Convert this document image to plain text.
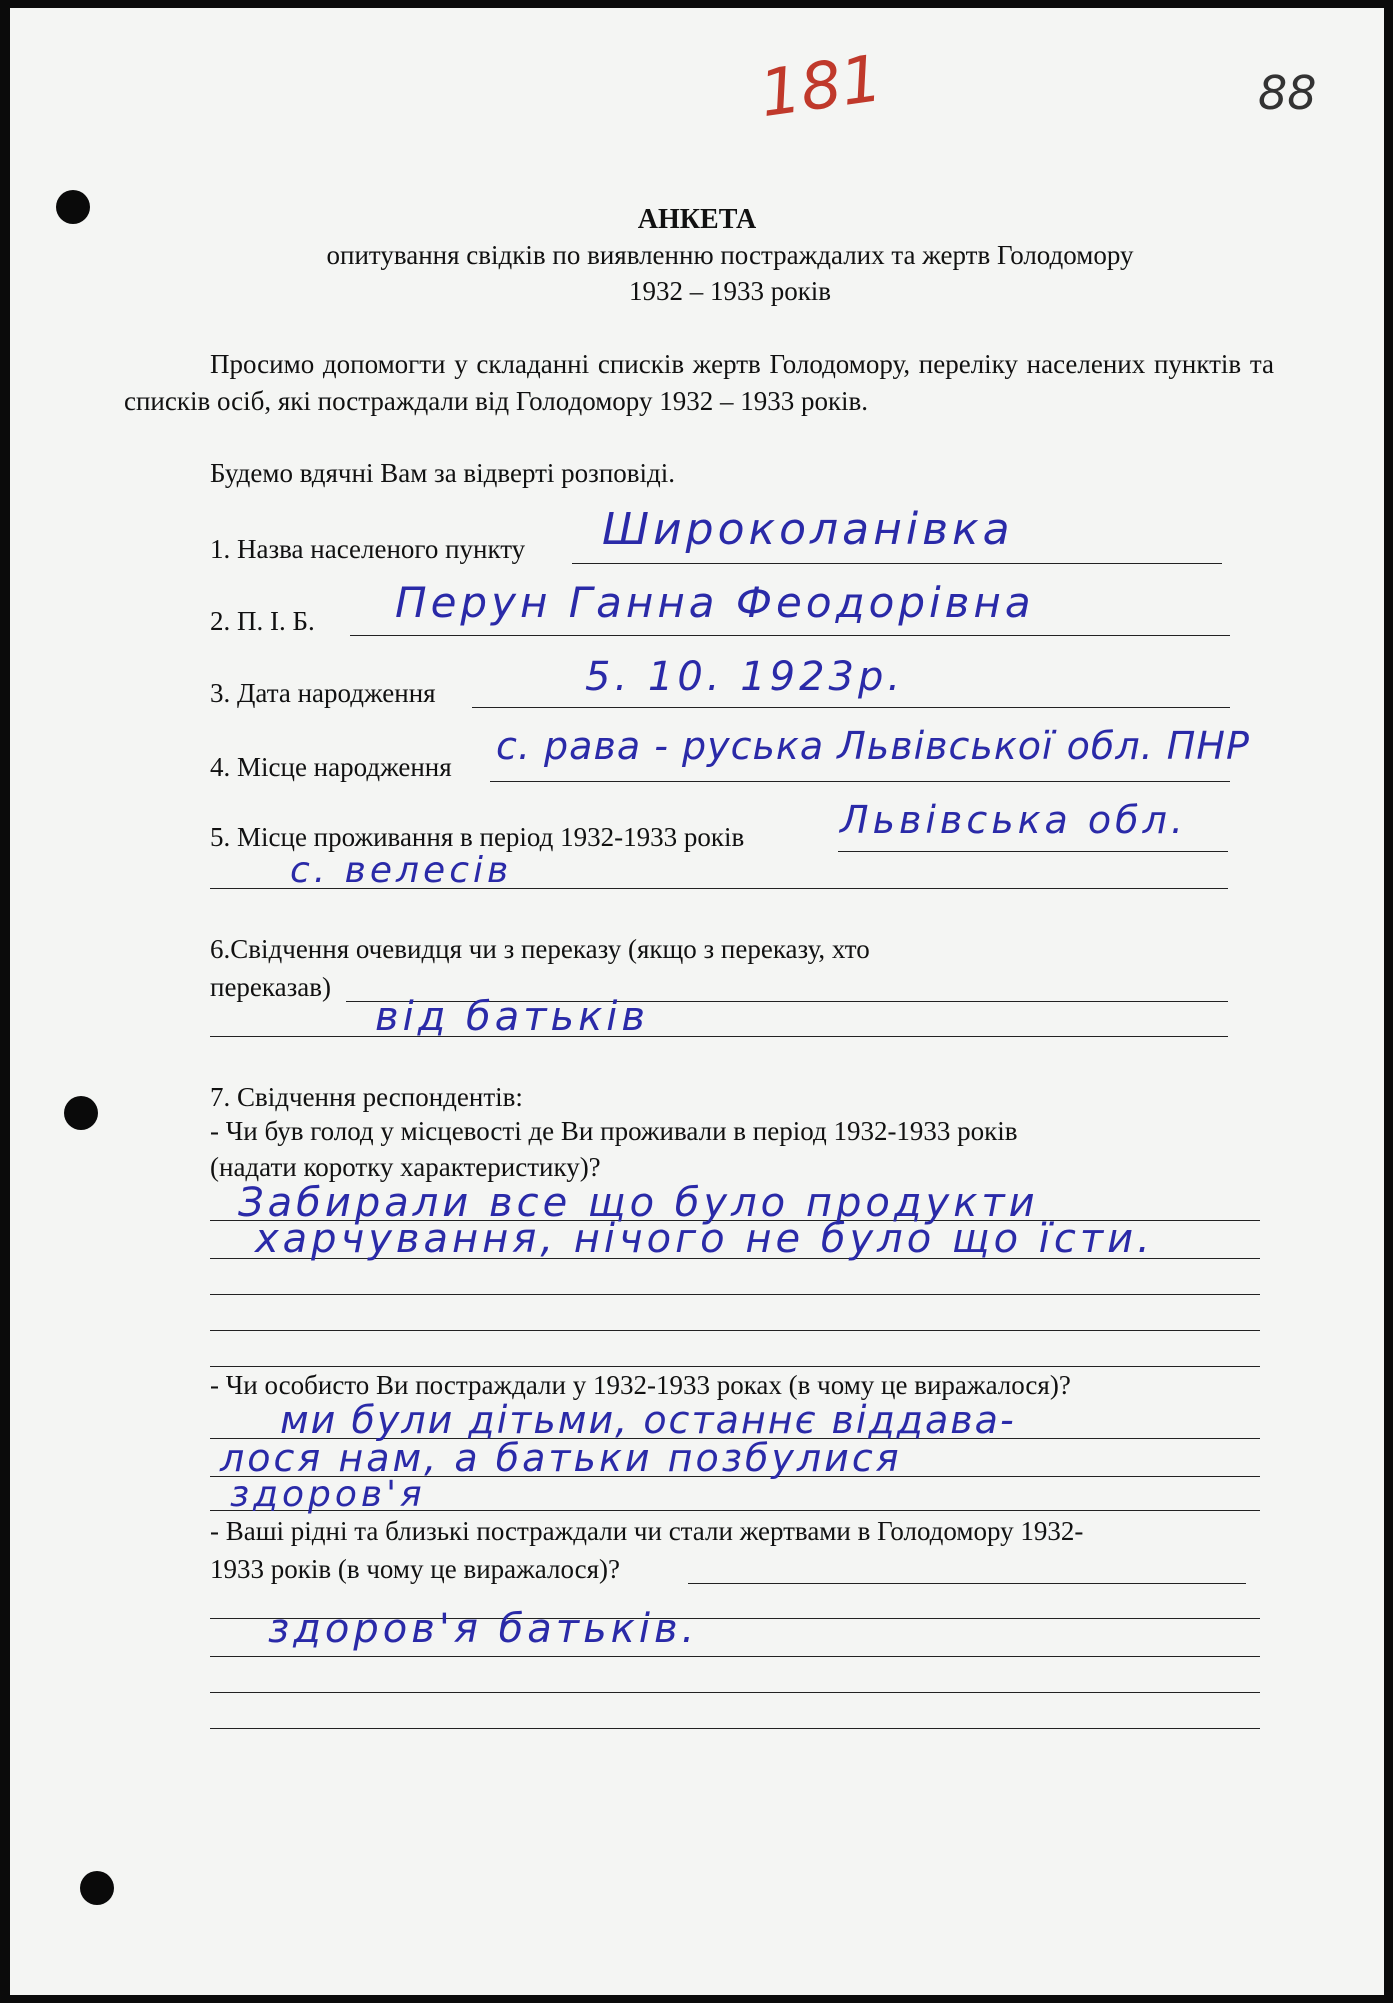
181	88
АНКЕТА
опитування свідків по виявленню постраждалих та жертв Голодомору
1932 – 1933 років
Просимо допомогти у складанні списків жертв Голодомору, переліку населених пунктів та списків осіб, які постраждали від Голодомору 1932 – 1933 років.
Будемо вдячні Вам за відверті розповіді.
1. Назва населеного пункту Широколанівка
2. П. І. Б. Перун Ганна Феодорівна
3. Дата народження	5. 10. 1923р.
4. Місце народження с. рава - руська Львівської обл. ПНР
5. Місце проживання в період 1932-1933 років	Львівська обл.
с. велесів
6.Свідчення очевидця чи з переказу (якщо з переказу, хто
переказав)
від батьків
7. Свідчення респондентів:
- Чи був голод у місцевості де Ви проживали в період 1932-1933 років
(надати коротку характеристику)?
Забирали все що було продукти
харчування, нічого не було що їсти.
- Чи особисто Ви постраждали у 1932-1933 роках (в чому це виражалося)?
ми були дітьми, останнє віддава-
лося нам, а батьки позбулися
здоров'я
- Ваші рідні та близькі постраждали чи стали жертвами в Голодомору 1932-
1933 років (в чому це виражалося)?
здоров'я батьків.
